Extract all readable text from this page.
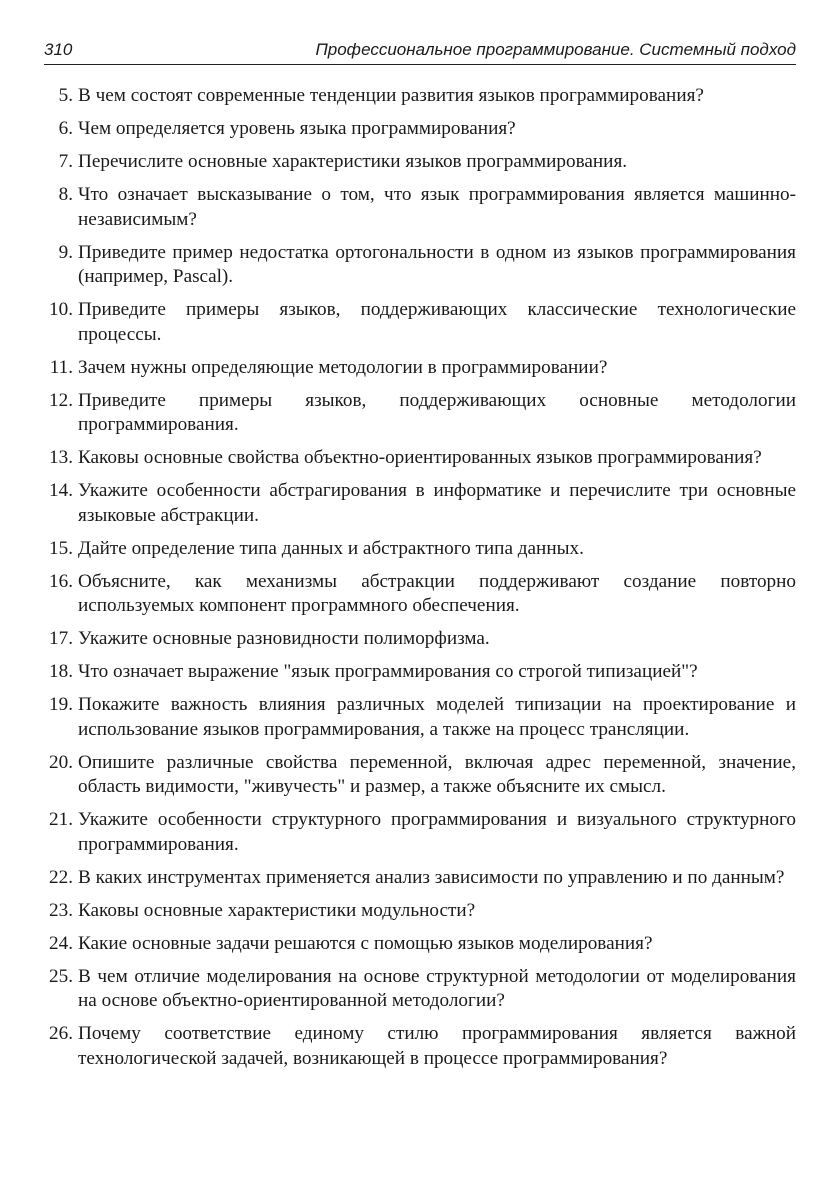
310	Профессиональное программирование. Системный подход
5. В чем состоят современные тенденции развития языков программирования?
6. Чем определяется уровень языка программирования?
7. Перечислите основные характеристики языков программирования.
8. Что означает высказывание о том, что язык программирования является машинно-независимым?
9. Приведите пример недостатка ортогональности в одном из языков программирования (например, Pascal).
10. Приведите примеры языков, поддерживающих классические технологические процессы.
11. Зачем нужны определяющие методологии в программировании?
12. Приведите примеры языков, поддерживающих основные методологии программирования.
13. Каковы основные свойства объектно-ориентированных языков программирования?
14. Укажите особенности абстрагирования в информатике и перечислите три основные языковые абстракции.
15. Дайте определение типа данных и абстрактного типа данных.
16. Объясните, как механизмы абстракции поддерживают создание повторно используемых компонент программного обеспечения.
17. Укажите основные разновидности полиморфизма.
18. Что означает выражение "язык программирования со строгой типизацией"?
19. Покажите важность влияния различных моделей типизации на проектирование и использование языков программирования, а также на процесс трансляции.
20. Опишите различные свойства переменной, включая адрес переменной, значение, область видимости, "живучесть" и размер, а также объясните их смысл.
21. Укажите особенности структурного программирования и визуального структурного программирования.
22. В каких инструментах применяется анализ зависимости по управлению и по данным?
23. Каковы основные характеристики модульности?
24. Какие основные задачи решаются с помощью языков моделирования?
25. В чем отличие моделирования на основе структурной методологии от моделирования на основе объектно-ориентированной методологии?
26. Почему соответствие единому стилю программирования является важной технологической задачей, возникающей в процессе программирования?
